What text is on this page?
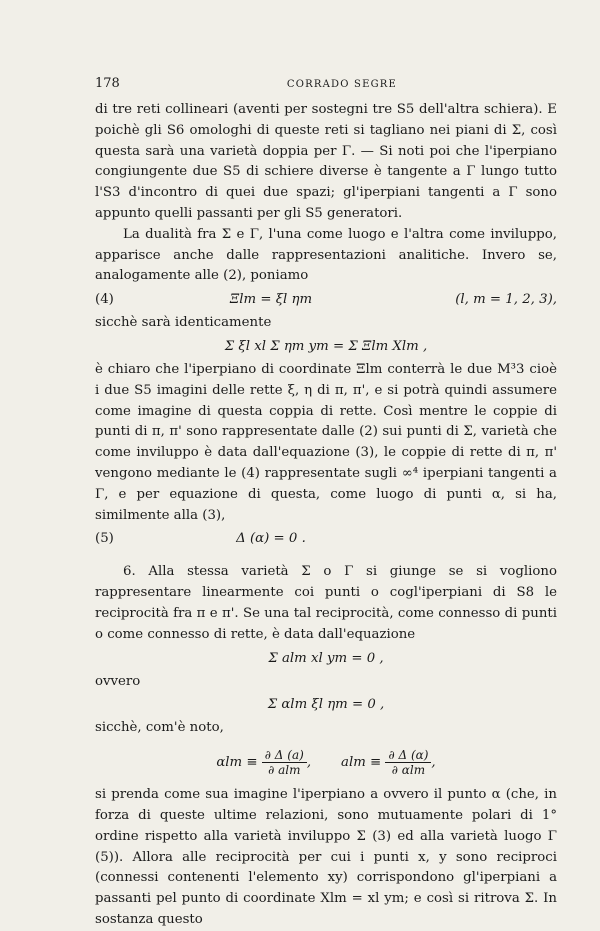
178	CORRADO SEGRE

di tre reti collineari (aventi per sostegni tre S5 dell'altra schiera). E poichè gli S6 omologhi di queste reti si tagliano nei piani di Σ, così questa sarà una varietà doppia per Γ. — Si noti poi che l'iperpiano congiungente due S5 di schiere diverse è tangente a Γ lungo tutto l'S3 d'incontro di quei due spazi; gl'iperpiani tangenti a Γ sono appunto quelli passanti per gli S5 generatori.

La dualità fra Σ e Γ, l'una come luogo e l'altra come inviluppo, apparisce anche dalle rappresentazioni analitiche. Invero se, analogamente alle (2), poniamo

(4)	Ξlm = ξl ηm	(l, m = 1, 2, 3),

sicchè sarà identicamente

Σ ξl xl Σ ηm ym = Σ Ξlm Xlm ,

è chiaro che l'iperpiano di coordinate Ξlm conterrà le due M³3 cioè i due S5 imagini delle rette ξ, η di π, π', e si potrà quindi assumere come imagine di questa coppia di rette. Così mentre le coppie di punti di π, π' sono rappresentate dalle (2) sui punti di Σ, varietà che come inviluppo è data dall'equazione (3), le coppie di rette di π, π' vengono mediante le (4) rappresentate sugli ∞⁴ iperpiani tangenti a Γ, e per equazione di questa, come luogo di punti α, si ha, similmente alla (3),

(5)	Δ (α) = 0 .

6. Alla stessa varietà Σ o Γ si giunge se si vogliono rappresentare linearmente coi punti o cogl'iperpiani di S8 le reciprocità fra π e π'. Se una tal reciprocità, come connesso di punti o come connesso di rette, è data dall'equazione

Σ alm xl ym = 0 ,

ovvero

Σ αlm ξl ηm = 0 ,

sicchè, com'è noto,

$\alpha lm \equiv \frac{\partial \Delta (a)}{\text{∂ alm}}$ , alm ≡ $\frac{\partial \Delta (\alpha)}{\text{∂ αlm}}$ ,

si prenda come sua imagine l'iperpiano a ovvero il punto α (che, in forza di queste ultime relazioni, sono mutuamente polari di 1° ordine rispetto alla varietà inviluppo Σ (3) ed alla varietà luogo Γ (5)). Allora alle reciprocità per cui i punti x, y sono reciproci (connessi contenenti l'elemento xy) corrispondono gl'iperpiani a passanti pel punto di coordinate Xlm = xl ym; e così si ritrova Σ. In sostanza questo
